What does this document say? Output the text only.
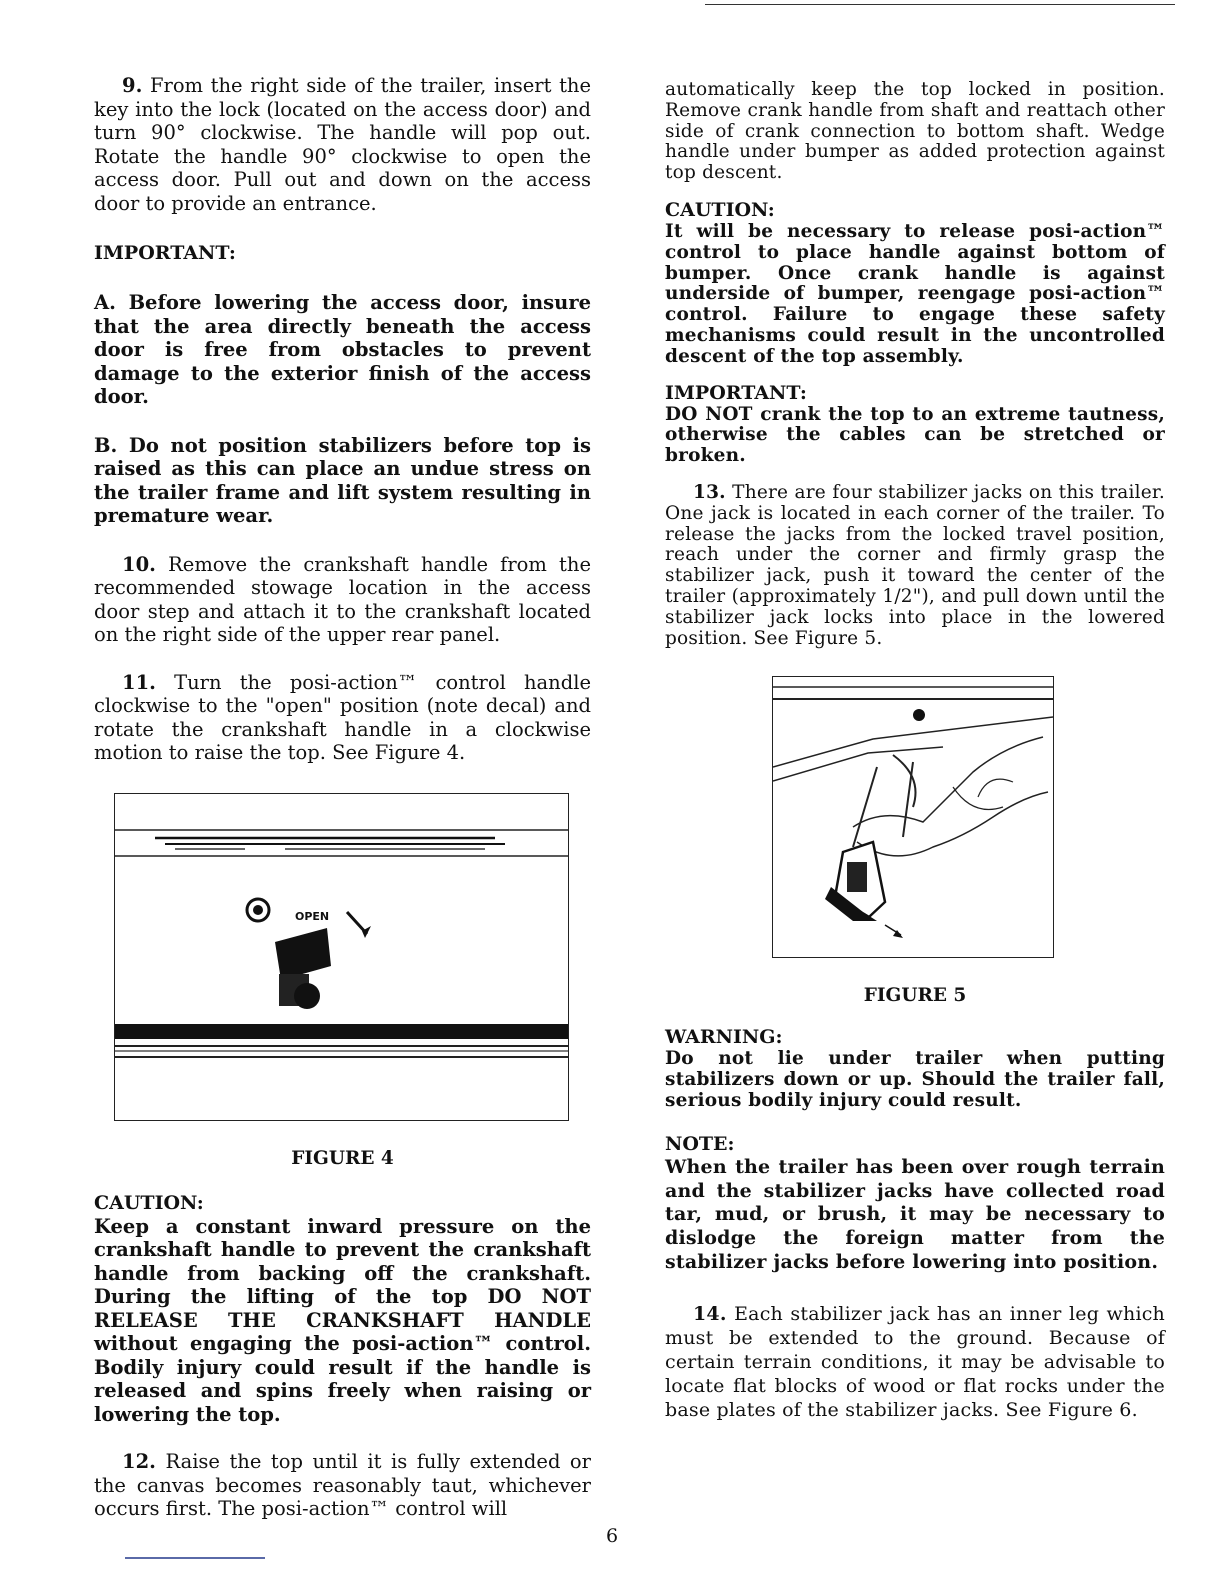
9. From the right side of the trailer, insert the key into the lock (located on the access door) and turn 90° clockwise. The handle will pop out. Rotate the handle 90° clockwise to open the access door. Pull out and down on the access door to provide an entrance.

IMPORTANT:

A. Before lowering the access door, insure that the area directly beneath the access door is free from obstacles to prevent damage to the exterior finish of the access door.

B. Do not position stabilizers before top is raised as this can place an undue stress on the trailer frame and lift system resulting in premature wear.

10. Remove the crankshaft handle from the recommended stowage location in the access door step and attach it to the crankshaft located on the right side of the upper rear panel.

11. Turn the posi-action™ control handle clockwise to the "open" position (note decal) and rotate the crankshaft handle in a clockwise motion to raise the top. See Figure 4.

OPEN

FIGURE 4

CAUTION:

Keep a constant inward pressure on the crankshaft handle to prevent the crankshaft handle from backing off the crankshaft. During the lifting of the top DO NOT RELEASE THE CRANKSHAFT HANDLE without engaging the posi-action™ control. Bodily injury could result if the handle is released and spins freely when raising or lowering the top.

12. Raise the top until it is fully extended or the canvas becomes reasonably taut, whichever occurs first. The posi-action™ control will

automatically keep the top locked in position. Remove crank handle from shaft and reattach other side of crank connection to bottom shaft. Wedge handle under bumper as added protection against top descent.

CAUTION:

It will be necessary to release posi-action™ control to place handle against bottom of bumper. Once crank handle is against underside of bumper, reengage posi-action™ control. Failure to engage these safety mechanisms could result in the uncontrolled descent of the top assembly.

IMPORTANT:

DO NOT crank the top to an extreme tautness, otherwise the cables can be stretched or broken.

13. There are four stabilizer jacks on this trailer. One jack is located in each corner of the trailer. To release the jacks from the locked travel position, reach under the corner and firmly grasp the stabilizer jack, push it toward the center of the trailer (approximately 1/2"), and pull down until the stabilizer jack locks into place in the lowered position. See Figure 5.

FIGURE 5

WARNING:

Do not lie under trailer when putting stabilizers down or up. Should the trailer fall, serious bodily injury could result.

NOTE:

When the trailer has been over rough terrain and the stabilizer jacks have collected road tar, mud, or brush, it may be necessary to dislodge the foreign matter from the stabilizer jacks before lowering into position.

14. Each stabilizer jack has an inner leg which must be extended to the ground. Because of certain terrain conditions, it may be advisable to locate flat blocks of wood or flat rocks under the base plates of the stabilizer jacks. See Figure 6.

6
